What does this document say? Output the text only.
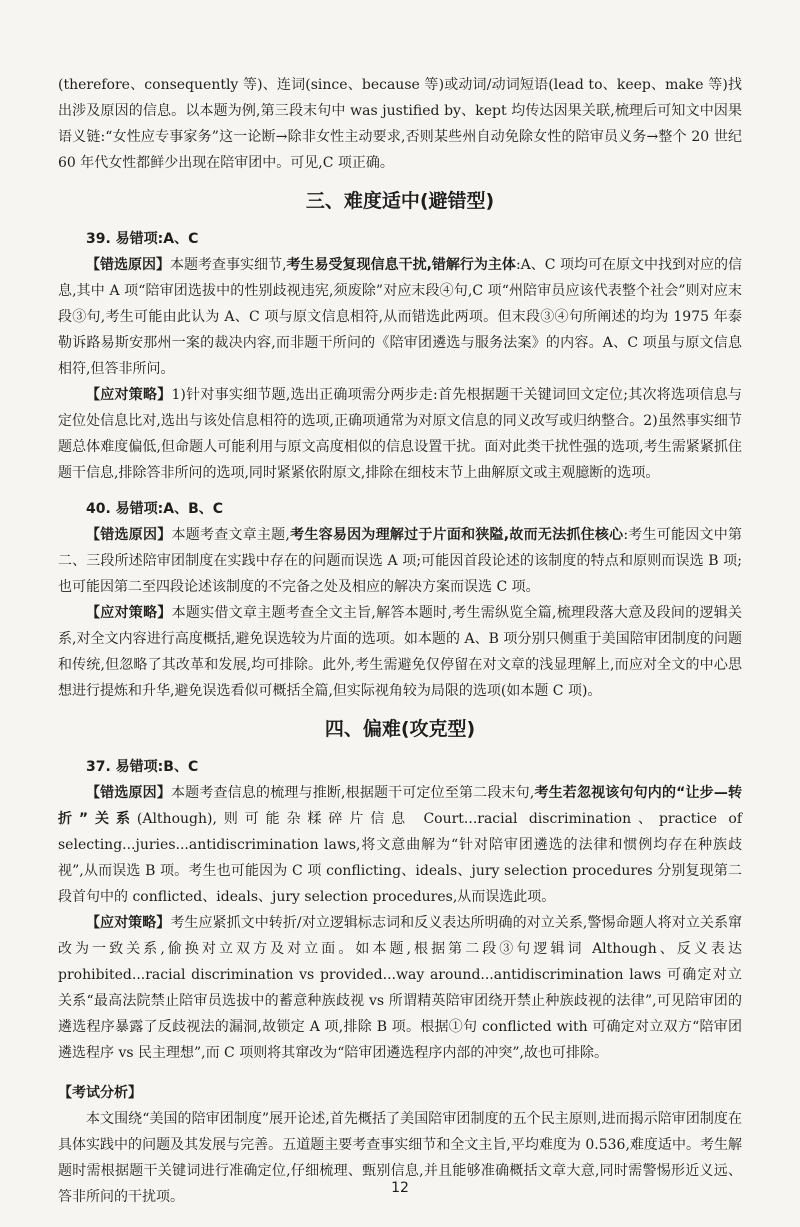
(therefore、consequently 等)、连词(since、because 等)或动词/动词短语(lead to、keep、make 等)找出涉及原因的信息。以本题为例,第三段末句中 was justified by、kept 均传达因果关联,梳理后可知文中因果语义链:“女性应专事家务”这一论断→除非女性主动要求,否则某些州自动免除女性的陪审员义务→整个 20 世纪 60 年代女性都鲜少出现在陪审团中。可见,C 项正确。

三、难度适中(避错型)
39. 易错项:A、C

【错选原因】本题考查事实细节,考生易受复现信息干扰,错解行为主体:A、C 项均可在原文中找到对应的信息,其中 A 项“陪审团选拔中的性别歧视违宪,须废除”对应末段④句,C 项“州陪审员应该代表整个社会”则对应末段③句,考生可能由此认为 A、C 项与原文信息相符,从而错选此两项。但末段③④句所阐述的均为 1975 年泰勒诉路易斯安那州一案的裁决内容,而非题干所问的《陪审团遴选与服务法案》的内容。A、C 项虽与原文信息相符,但答非所问。

【应对策略】1)针对事实细节题,选出正确项需分两步走:首先根据题干关键词回文定位;其次将选项信息与定位处信息比对,选出与该处信息相符的选项,正确项通常为对原文信息的同义改写或归纳整合。2)虽然事实细节题总体难度偏低,但命题人可能利用与原文高度相似的信息设置干扰。面对此类干扰性强的选项,考生需紧紧抓住题干信息,排除答非所问的选项,同时紧紧依附原文,排除在细枝末节上曲解原文或主观臆断的选项。

40. 易错项:A、B、C

【错选原因】本题考查文章主题,考生容易因为理解过于片面和狭隘,故而无法抓住核心:考生可能因文中第二、三段所述陪审团制度在实践中存在的问题而误选 A 项;可能因首段论述的该制度的特点和原则而误选 B 项;也可能因第二至四段论述该制度的不完备之处及相应的解决方案而误选 C 项。

【应对策略】本题实借文章主题考查全文主旨,解答本题时,考生需纵览全篇,梳理段落大意及段间的逻辑关系,对全文内容进行高度概括,避免误选较为片面的选项。如本题的 A、B 项分别只侧重于美国陪审团制度的问题和传统,但忽略了其改革和发展,均可排除。此外,考生需避免仅停留在对文章的浅显理解上,而应对全文的中心思想进行提炼和升华,避免误选看似可概括全篇,但实际视角较为局限的选项(如本题 C 项)。

四、偏难(攻克型)
37. 易错项:B、C

【错选原因】本题考查信息的梳理与推断,根据题干可定位至第二段末句,考生若忽视该句句内的“让步—转折”关系(Although),则可能杂糅碎片信息 Court...racial discrimination、practice of selecting...juries...antidiscrimination laws,将文意曲解为“针对陪审团遴选的法律和惯例均存在种族歧视”,从而误选 B 项。考生也可能因为 C 项 conflicting、ideals、jury selection procedures 分别复现第二段首句中的 conflicted、ideals、jury selection procedures,从而误选此项。

【应对策略】考生应紧抓文中转折/对立逻辑标志词和反义表达所明确的对立关系,警惕命题人将对立关系窜改为一致关系,偷换对立双方及对立面。如本题,根据第二段③句逻辑词 Although、反义表达 prohibited...racial discrimination vs provided...way around...antidiscrimination laws 可确定对立关系“最高法院禁止陪审员选拔中的蓄意种族歧视 vs 所谓精英陪审团绕开禁止种族歧视的法律”,可见陪审团的遴选程序暴露了反歧视法的漏洞,故锁定 A 项,排除 B 项。根据①句 conflicted with 可确定对立双方“陪审团遴选程序 vs 民主理想”,而 C 项则将其窜改为“陪审团遴选程序内部的冲突”,故也可排除。

【考试分析】

本文围绕“美国的陪审团制度”展开论述,首先概括了美国陪审团制度的五个民主原则,进而揭示陪审团制度在具体实践中的问题及其发展与完善。五道题主要考查事实细节和全文主旨,平均难度为 0.536,难度适中。考生解题时需根据题干关键词进行准确定位,仔细梳理、甄别信息,并且能够准确概括文章大意,同时需警惕形近义远、答非所问的干扰项。

12
